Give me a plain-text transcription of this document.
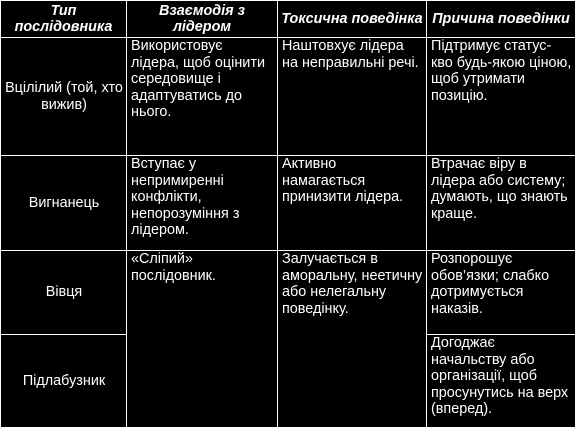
Тип послідовника	Взаємодія з лідером	Токсична поведінка	Причина поведінки
Вцілілий (той, хто вижив)	Використовує лідера, щоб оцінити середовище і адаптуватись до нього.	Наштовхує лідера на неправильні речі.	Підтримує статус-кво будь-якою ціною, щоб утримати позицію.
Вигнанець	Вступає у непримиренні конфлікти, непорозуміння з лідером.	Активно намагається принизити лідера.	Втрачає віру в лідера або систему; думають, що знають краще.
Вівця	«Сліпий» послідовник.	Залучається в аморальну, неетичну або нелегальну поведінку.	Розпорошує обов’язки; слабко дотримується наказів.
Підлабузник			Догоджає начальству або організації, щоб просунутись на верх (вперед).
